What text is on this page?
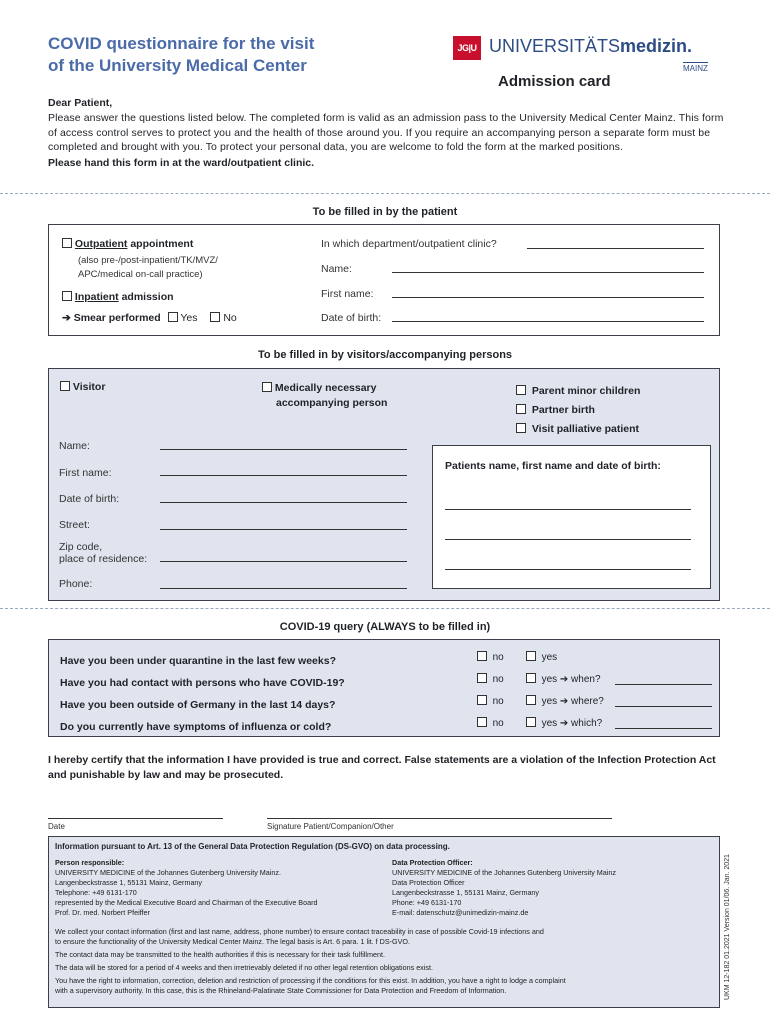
COVID questionnaire for the visit
of the University Medical Center
JG|U UNIVERSITÄTSmedizin.
MAINZ
Admission card
Dear Patient,
Please answer the questions listed below. The completed form is valid as an admission pass to the University Medical Center Mainz. This form of access control serves to protect you and the health of those around you. If you require an accompanying person a separate form must be completed and brought with you. To protect your personal data, you are welcome to fold the form at the marked positions.
Please hand this form in at the ward/outpatient clinic.
To be filled in by the patient
Outpatient appointment
(also pre-/post-inpatient/TK/MVZ/
APC/medical on-call practice)
Inpatient admission
➔ Smear performed Yes No
In which department/outpatient clinic?
Name:
First name:
Date of birth:
To be filled in by visitors/accompanying persons
Visitor	Medically necessary
accompanying person
Parent minor children
Partner birth
Visit palliative patient
Name:
First name:
Date of birth:
Street:
Zip code,
place of residence:
Phone:
Patients name, first name and date of birth:
COVID-19 query (ALWAYS to be filled in)
Have you been under quarantine in the last few weeks?	no	yes
Have you had contact with persons who have COVID-19?	no	yes ➔ when?
Have you been outside of Germany in the last 14 days?	no	yes ➔ where?
Do you currently have symptoms of influenza or cold?	no	yes ➔ which?
I hereby certify that the information I have provided is true and correct. False statements are a violation of the Infection Protection Act and punishable by law and may be prosecuted.
Date	Signature Patient/Companion/Other
Information pursuant to Art. 13 of the General Data Protection Regulation (DS-GVO) on data processing.
Person responsible:
UNIVERSITY MEDICINE of the Johannes Gutenberg University Mainz.
Langenbeckstrasse 1, 55131 Mainz, Germany
Telephone: +49 6131-170
represented by the Medical Executive Board and Chairman of the Executive Board
Prof. Dr. med. Norbert Pfeiffer
Data Protection Officer:
UNIVERSITY MEDICINE of the Johannes Gutenberg University Mainz
Data Protection Officer
Langenbeckstrasse 1, 55131 Mainz, Germany
Phone: +49 6131-170
E-mail: datenschutz@unimedizin-mainz.de
We collect your contact information (first and last name, address, phone number) to ensure contact traceability in case of possible Covid-19 infections and
to ensure the functionality of the University Medical Center Mainz. The legal basis is Art. 6 para. 1 lit. f DS-GVO.
The contact data may be transmitted to the health authorities if this is necessary for their task fulfillment.
The data will be stored for a period of 4 weeks and then irretrievably deleted if no other legal retention obligations exist.
You have the right to information, correction, deletion and restriction of processing if the conditions for this exist. In addition, you have a right to lodge a complaint
with a supervisory authority. In this case, this is the Rhineland-Palatinate State Commissioner for Data Protection and Freedom of Information.	UKM 12-182 01.2021 Version 01/06. Jan. 2021
